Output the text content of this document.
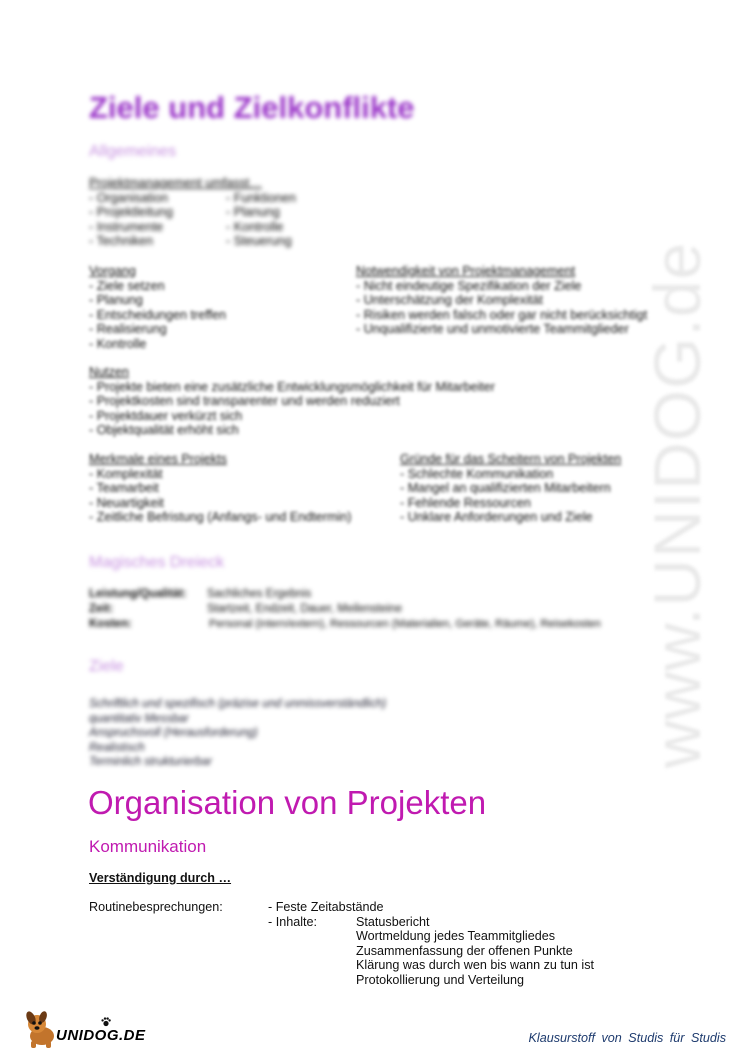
www.UNIDOG.de
Ziele und Zielkonflikte
Allgemeines
Projektmanagement umfasst…
- Organisation
- Projektleitung
- Instrumente
- Techniken
- Funktionen
- Planung
- Kontrolle
- Steuerung
Vorgang
- Ziele setzen
- Planung
- Entscheidungen treffen
- Realisierung
- Kontrolle
Notwendigkeit von Projektmanagement
- Nicht eindeutige Spezifikation der Ziele
- Unterschätzung der Komplexität
- Risiken werden falsch oder gar nicht berücksichtigt
- Unqualifizierte und unmotivierte Teammitglieder
Nutzen
- Projekte bieten eine zusätzliche Entwicklungsmöglichkeit für Mitarbeiter
- Projektkosten sind transparenter und werden reduziert
- Projektdauer verkürzt sich
- Objektqualität erhöht sich
Merkmale eines Projekts
- Komplexität
- Teamarbeit
- Neuartigkeit
- Zeitliche Befristung (Anfangs- und Endtermin)
Gründe für das Scheitern von Projekten
- Schlechte Kommunikation
- Mangel an qualifizierten Mitarbeitern
- Fehlende Ressourcen
- Unklare Anforderungen und Ziele
Magisches Dreieck
Leistung/Qualität: Sachliches Ergebnis
Zeit:	Startzeit, Endzeit, Dauer, Meilensteine
Kosten:	Personal (intern/extern), Ressourcen (Materialien, Geräte, Räume), Reisekosten
Ziele
Schriftlich und spezifisch (präzise und unmissverständlich)
quantitativ Messbar
Anspruchsvoll (Herausforderung)
Realistisch
Terminlich strukturierbar
Organisation von Projekten
Kommunikation
Verständigung durch …
Routinebesprechungen:	- Feste Zeitabstände
- Inhalte:	Statusbericht
Wortmeldung jedes Teammitgliedes
Zusammenfassung der offenen Punkte
Klärung was durch wen bis wann zu tun ist
Protokollierung und Verteilung
UNIDOG.DE	Klausurstoff von Studis für Studis
